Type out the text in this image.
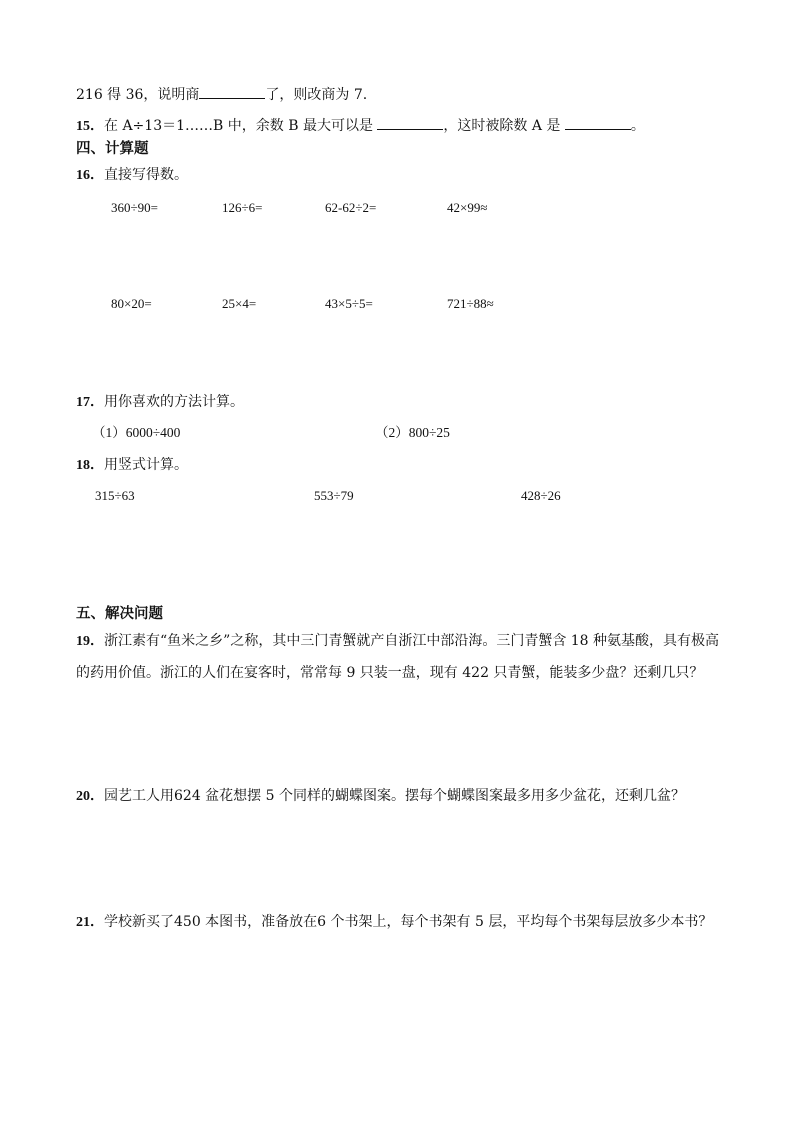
216 得 36，说明商	了，则改商为 7.
15．在 A÷13＝1……B 中，余数 B 最大可以是	，这时被除数 A 是	。
四、计算题
16．直接写得数。
360÷90=	126÷6=	62-62÷2=	42×99≈
80×20=	25×4=	43×5÷5=	721÷88≈
17．用你喜欢的方法计算。
（1）6000÷400	（2）800÷25
18．用竖式计算。
315÷63	553÷79	428÷26
五、解决问题
19．浙江素有“鱼米之乡”之称，其中三门青蟹就产自浙江中部沿海。三门青蟹含 18 种氨基酸，具有极高
的药用价值。浙江的人们在宴客时，常常每 9 只装一盘，现有 422 只青蟹，能装多少盘？还剩几只？
20．园艺工人用624 盆花想摆 5 个同样的蝴蝶图案。摆每个蝴蝶图案最多用多少盆花，还剩几盆？
21．学校新买了450 本图书，准备放在6 个书架上，每个书架有 5 层，平均每个书架每层放多少本书？
